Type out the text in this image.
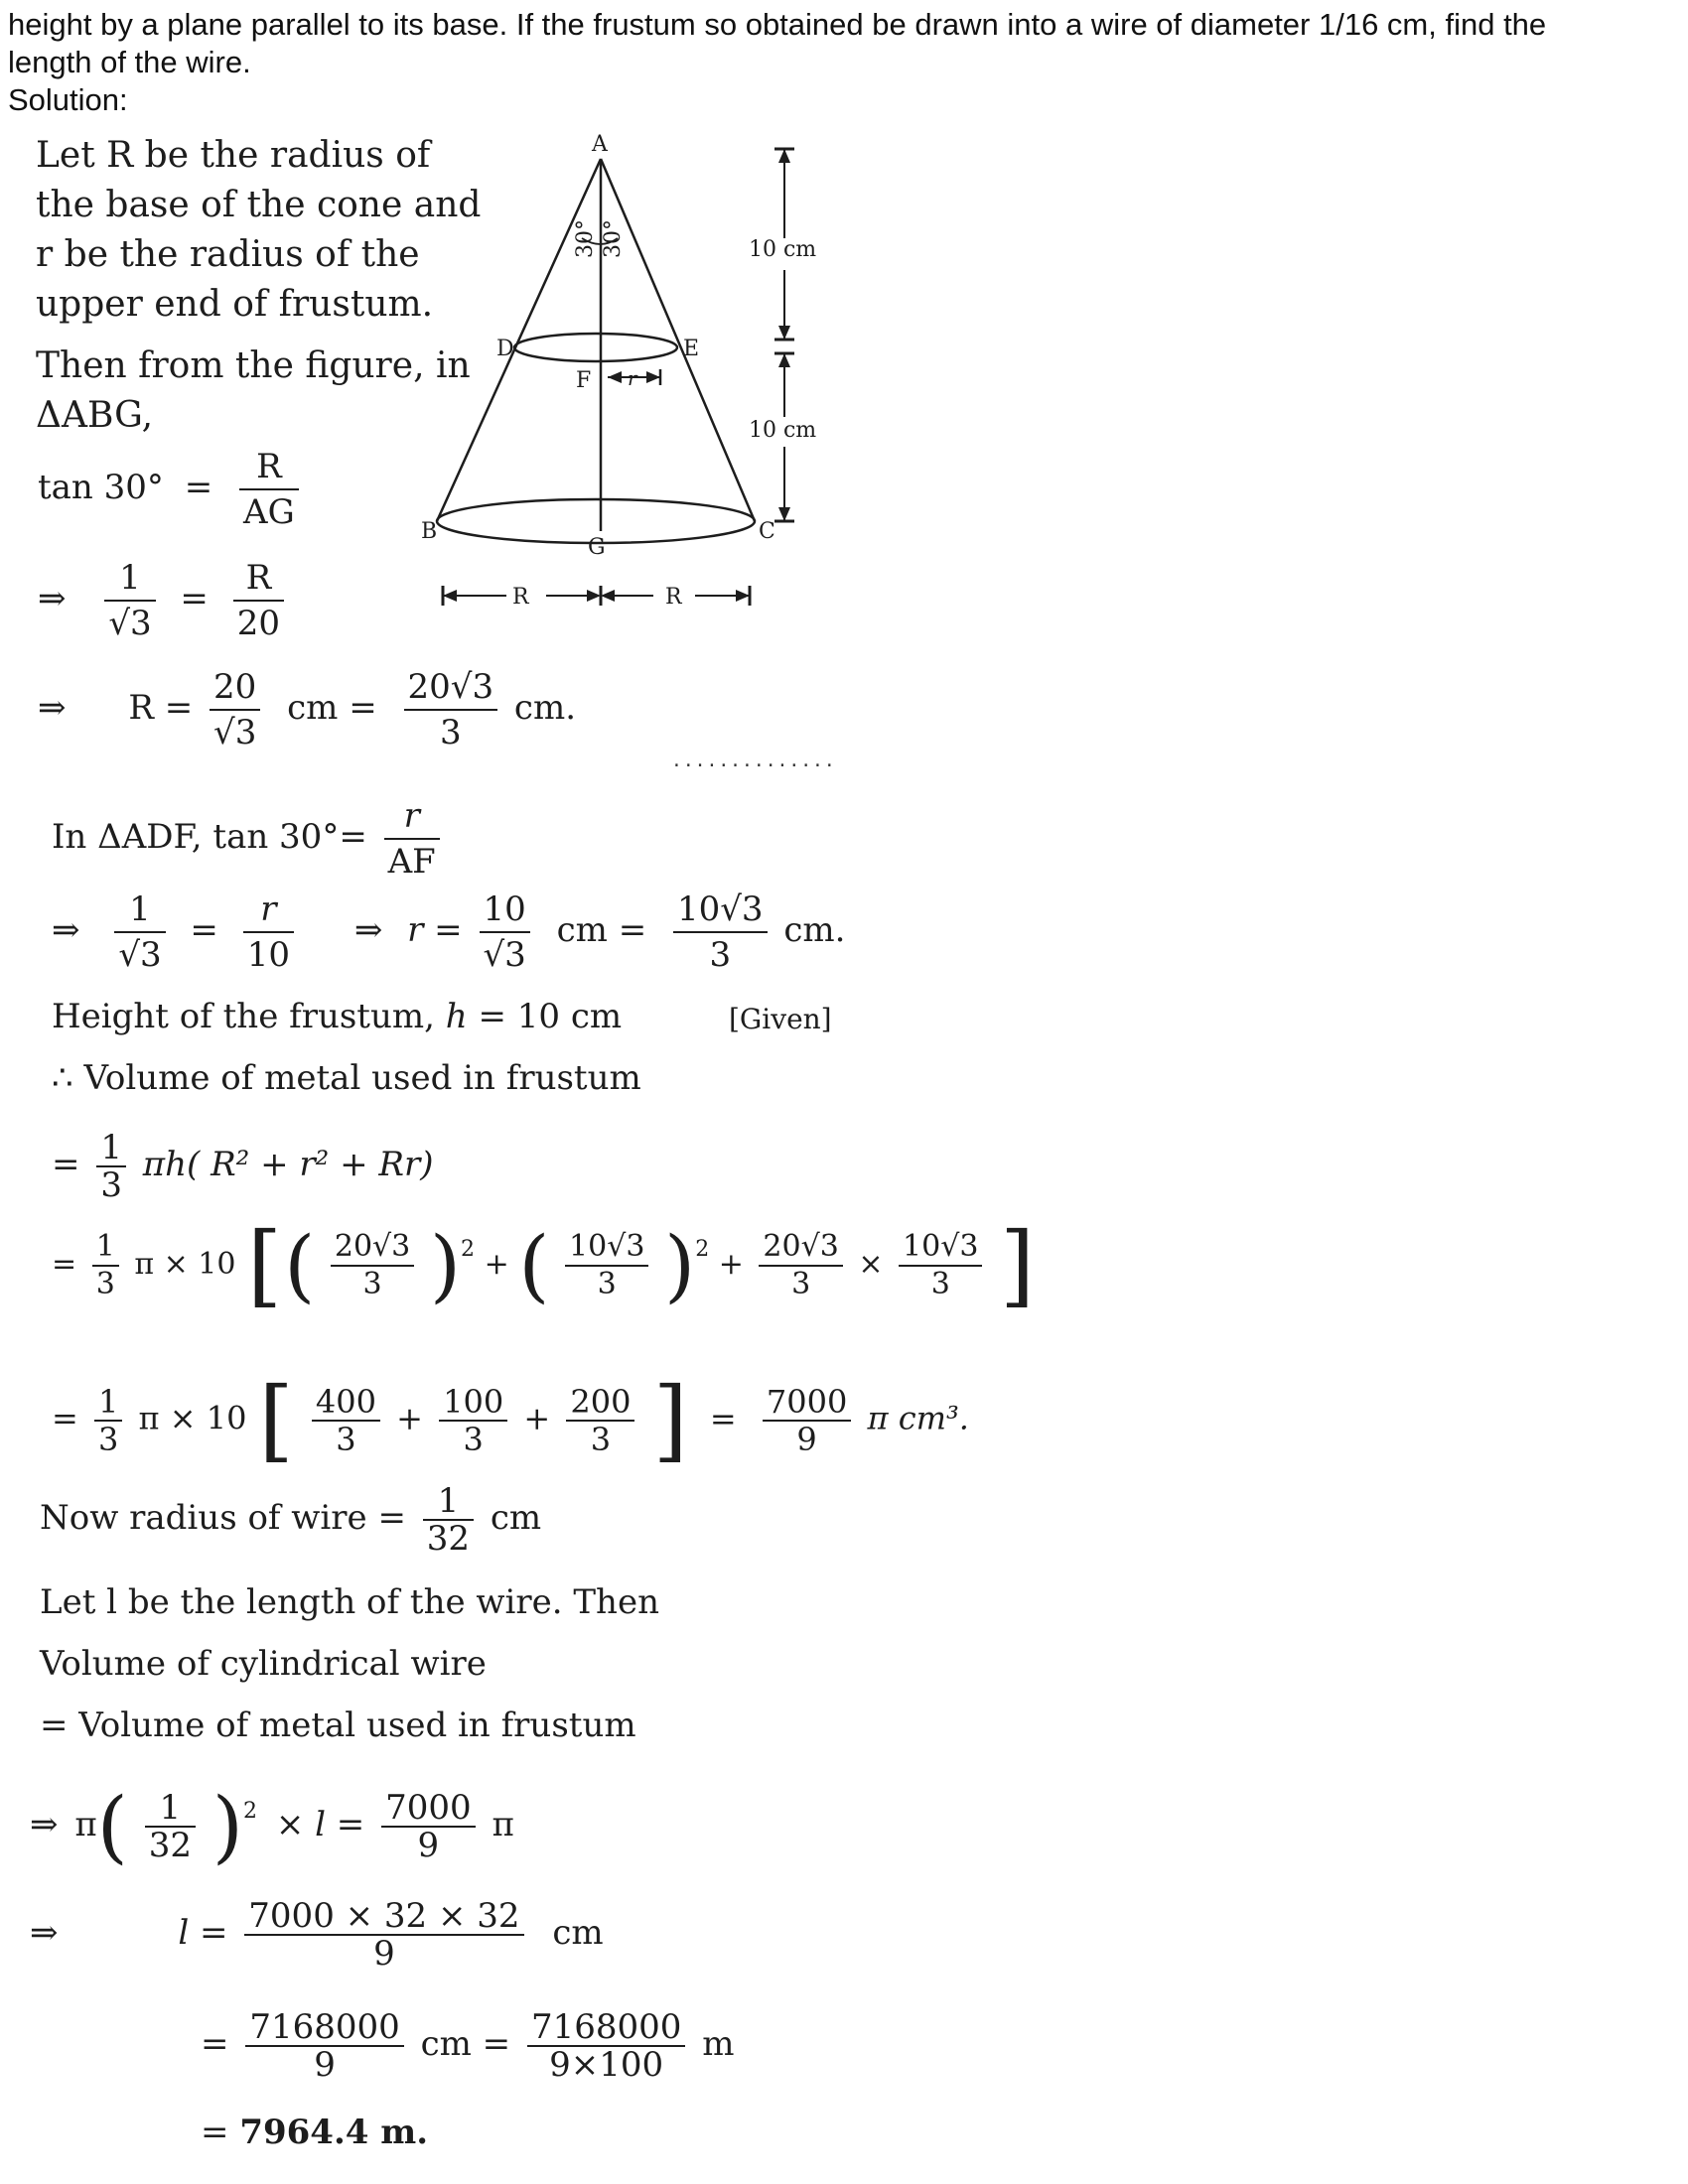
height by a plane parallel to its base. If the frustum so obtained be drawn into a wire of diameter 1/16 cm, find the
length of the wire.
Solution:
Let R be the radius of
the base of the cone and
r be the radius of the
upper end of frustum.
Then from the figure, in
ΔABG,
A
B	C
D	E
F
G
30° 30°
r
10 cm
10 cm
R	R
$\tan 30^\circ = \frac{R}{AG}$
⇒ $\frac{1}{√3} = \frac{R}{20}$
⇒ $R = \frac{20}{√3}$ cm = $\frac{20√3}{3}$ cm.
..............
In ΔADF, $\tan 30^\circ= \frac{r}{AF}$
⇒ $\frac{1}{√3} = \frac{r}{10}$ ⇒ $r = \frac{10}{√3}$ cm = $\frac{10√3}{3}$ cm.
Height of the frustum, h = 10 cm	[Given]
∴ Volume of metal used in frustum
= $\frac{1}{3} \pi h$( R² + r² + Rr)
= $\frac{1}{3}$ π × 10 [( $\frac{20√3}{3} )^2$ + ( $\frac{10√3}{3} )^2 + \frac{20√3}{3} \times \frac{10√3}{3}$ ]
= $\frac{1}{3}$ π × 10 [ $\frac{400}{3} + \frac{100}{3} + \frac{200}{3}$ ] = $\frac{7000}{9}$ π cm³.
Now radius of wire = $\frac{1}{32}$ cm
Let l be the length of the wire. Then
Volume of cylindrical wire
= Volume of metal used in frustum
⇒ $\pi( \frac{1}{32} )^2 \times l = \frac{7000}{9}$ π
⇒	$l = \frac{7000 \times 32 \times 32}{9}$ cm
= $\frac{7168000}{9}$ cm = $\frac{7168000}{9\times 100}$ m
= 7964.4 m.
